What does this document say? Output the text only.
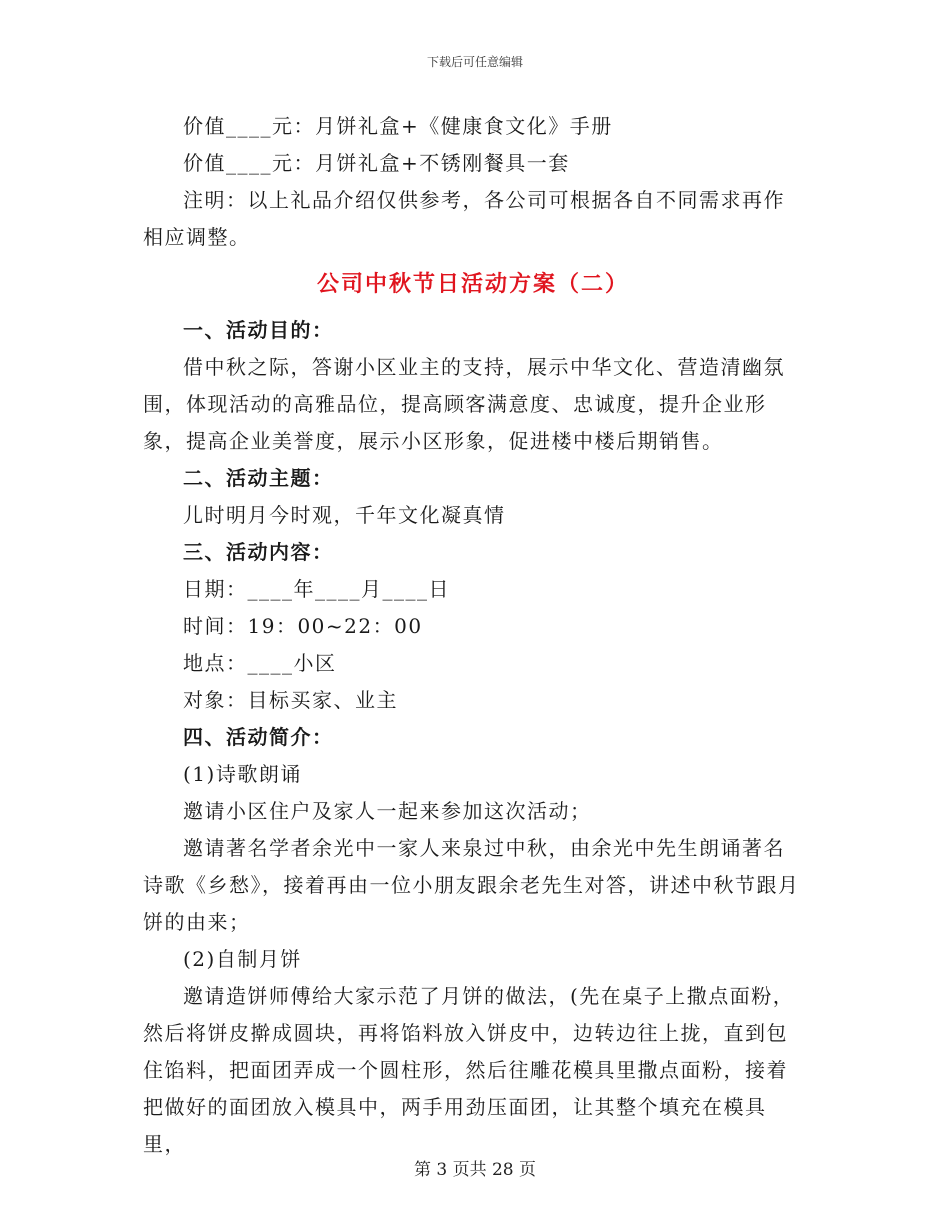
下载后可任意编辑

价值____元：月饼礼盒+《健康食文化》手册

价值____元：月饼礼盒+不锈刚餐具一套

注明：以上礼品介绍仅供参考，各公司可根据各自不同需求再作相应调整。

公司中秋节日活动方案（二）

一、活动目的：

借中秋之际，答谢小区业主的支持，展示中华文化、营造清幽氛围，体现活动的高雅品位，提高顾客满意度、忠诚度，提升企业形象，提高企业美誉度，展示小区形象，促进楼中楼后期销售。

二、活动主题：

儿时明月今时观，千年文化凝真情

三、活动内容：

日期：____年____月____日

时间：19：00~22：00

地点：____小区

对象：目标买家、业主

四、活动简介：

(1)诗歌朗诵

邀请小区住户及家人一起来参加这次活动；

邀请著名学者余光中一家人来泉过中秋，由余光中先生朗诵著名诗歌《乡愁》，接着再由一位小朋友跟余老先生对答，讲述中秋节跟月饼的由来；

(2)自制月饼

邀请造饼师傅给大家示范了月饼的做法，(先在桌子上撒点面粉，然后将饼皮擀成圆块，再将馅料放入饼皮中，边转边往上拢，直到包住馅料，把面团弄成一个圆柱形，然后往雕花模具里撒点面粉，接着把做好的面团放入模具中，两手用劲压面团，让其整个填充在模具里，

第 3 页共 28 页
